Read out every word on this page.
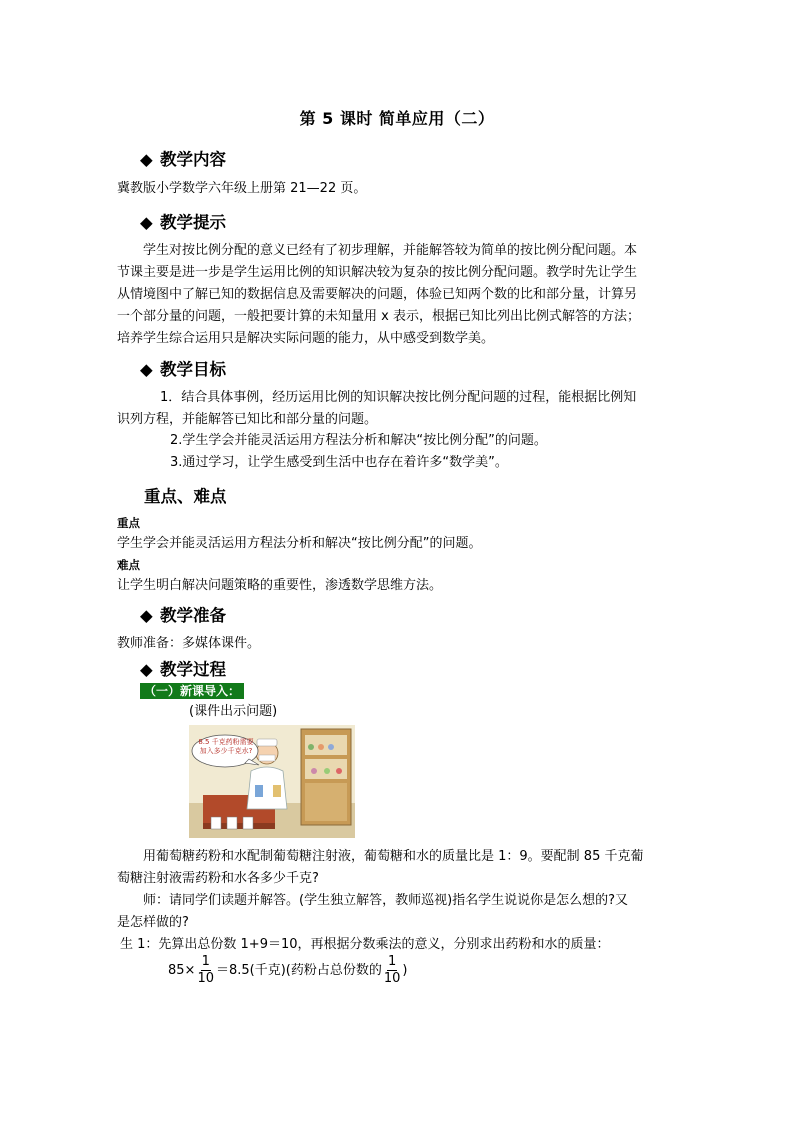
第 5 课时 简单应用（二）
◆ 教学内容
冀教版小学数学六年级上册第 21—22 页。
◆ 教学提示
学生对按比例分配的意义已经有了初步理解，并能解答较为简单的按比例分配问题。本
节课主要是进一步是学生运用比例的知识解决较为复杂的按比例分配问题。教学时先让学生
从情境图中了解已知的数据信息及需要解决的问题，体验已知两个数的比和部分量，计算另
一个部分量的问题，一般把要计算的未知量用 x 表示，根据已知比列出比例式解答的方法；
培养学生综合运用只是解决实际问题的能力，从中感受到数学美。
◆ 教学目标
1．结合具体事例，经历运用比例的知识解决按比例分配问题的过程，能根据比例知
识列方程，并能解答已知比和部分量的问题。
2.学生学会并能灵活运用方程法分析和解决“按比例分配”的问题。
3.通过学习，让学生感受到生活中也存在着许多“数学美”。
重点、难点
重点
学生学会并能灵活运用方程法分析和解决“按比例分配”的问题。
难点
让学生明白解决问题策略的重要性，渗透数学思维方法。
◆ 教学准备
教师准备：多媒体课件。
◆ 教学过程
（一）新课导入：
(课件出示问题)
8.5 千克药粉需要加入多少千克水?
用葡萄糖药粉和水配制葡萄糖注射液，葡萄糖和水的质量比是 1：9。要配制 85 千克葡
萄糖注射液需药粉和水各多少千克?
师：请同学们读题并解答。(学生独立解答，教师巡视)指名学生说说你是怎么想的?又
是怎样做的?
生 1：先算出总份数 1+9＝10，再根据分数乘法的意义，分别求出药粉和水的质量：
$85\times \frac{1}{10} =8.5$(千克)(药粉占总份数的 $\frac{1}{10}$ )
